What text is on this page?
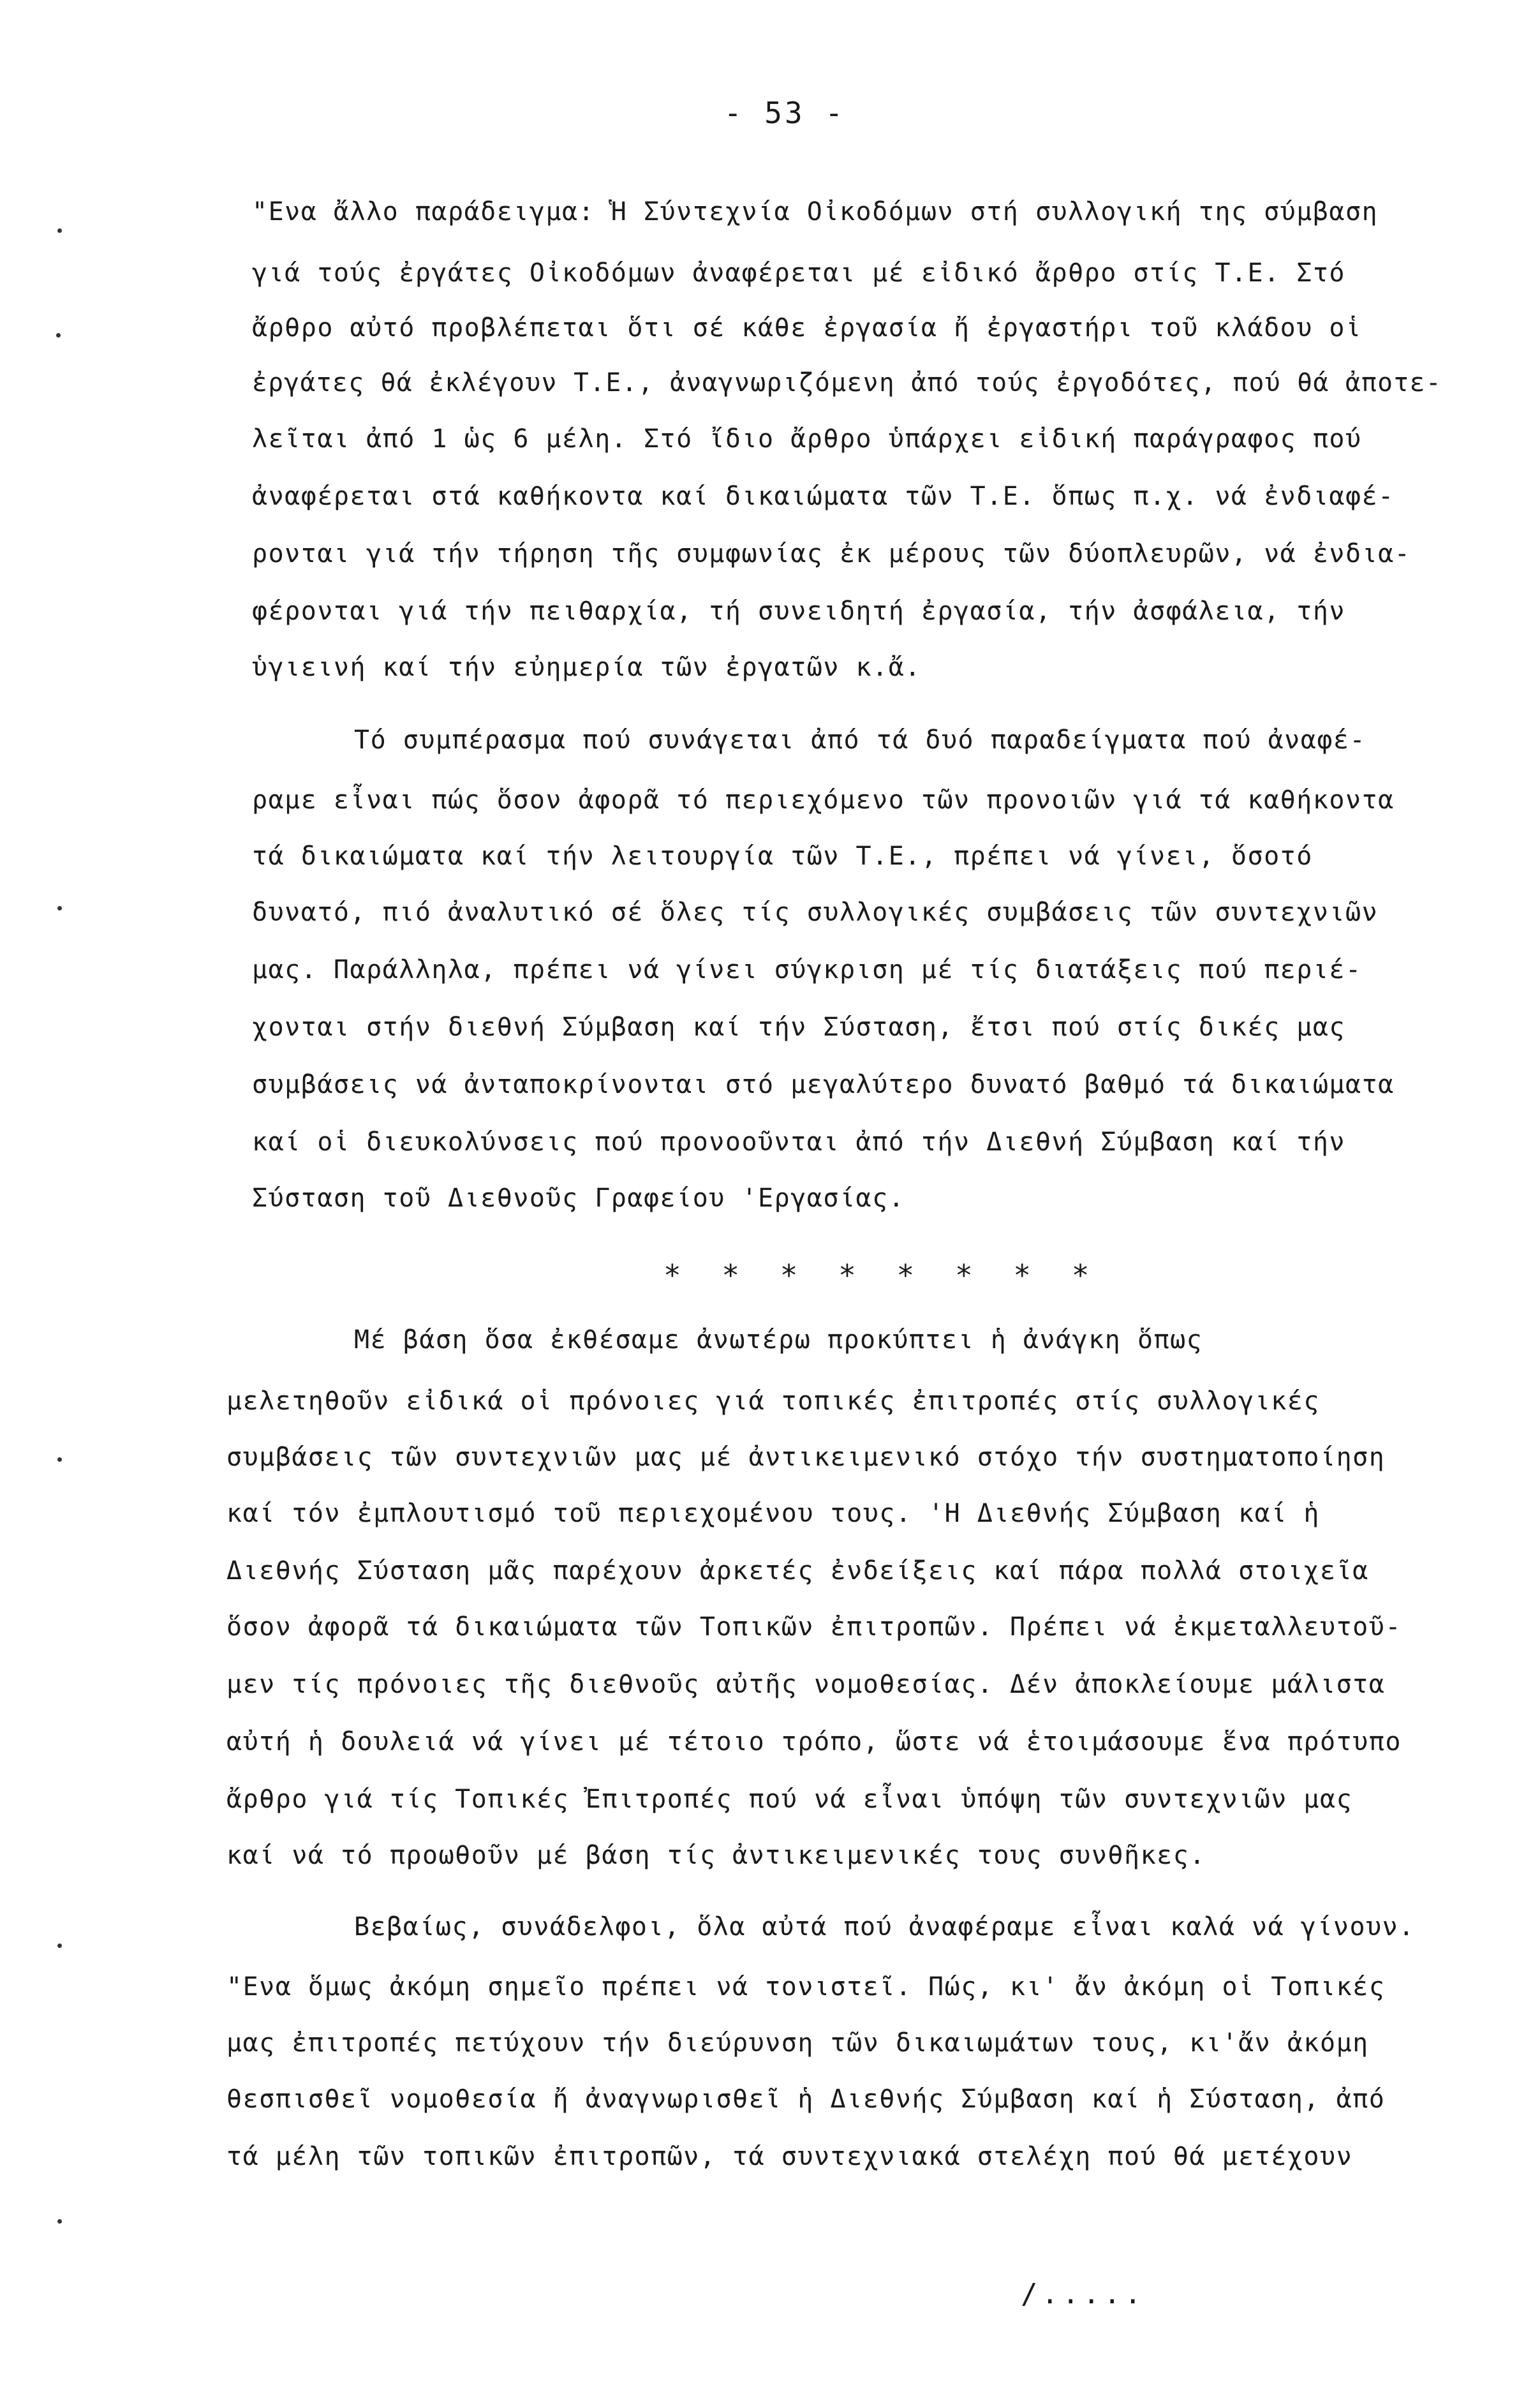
- 53 -
"Ενα ἄλλο παράδειγμα: Ἡ Σύντεχνία Οἰκοδόμων στή συλλογική της σύμβαση
γιά τούς ἐργάτες Οἰκοδόμων ἀναφέρεται μέ εἰδικό ἄρθρο στίς Τ.Ε. Στό
ἄρθρο αὐτό προβλέπεται ὅτι σέ κάθε ἐργασία ἤ ἐργαστήρι τοῦ κλάδου οἱ
ἐργάτες θά ἐκλέγουν Τ.Ε., ἀναγνωριζόμενη ἀπό τούς ἐργοδότες, πού θά ἀποτε-
λεῖται ἀπό 1 ὡς 6 μέλη. Στό ἴδιο ἄρθρο ὑπάρχει εἰδική παράγραφος πού
ἀναφέρεται στά καθήκοντα καί δικαιώματα τῶν Τ.Ε. ὅπως π.χ. νά ἐνδιαφέ-
ρονται γιά τήν τήρηση τῆς συμφωνίας ἐκ μέρους τῶν δύοπλευρῶν, νά ἐνδια-
φέρονται γιά τήν πειθαρχία, τή συνειδητή ἐργασία, τήν ἀσφάλεια, τήν
ὑγιεινή καί τήν εὐημερία τῶν ἐργατῶν κ.ἄ.
Τό συμπέρασμα πού συνάγεται ἀπό τά δυό παραδείγματα πού ἀναφέ-
ραμε εἶναι πώς ὅσον ἀφορᾶ τό περιεχόμενο τῶν προνοιῶν γιά τά καθήκοντα
τά δικαιώματα καί τήν λειτουργία τῶν Τ.Ε., πρέπει νά γίνει, ὅσοτό
δυνατό, πιό ἀναλυτικό σέ ὅλες τίς συλλογικές συμβάσεις τῶν συντεχνιῶν
μας. Παράλληλα, πρέπει νά γίνει σύγκριση μέ τίς διατάξεις πού περιέ-
χονται στήν διεθνή Σύμβαση καί τήν Σύσταση, ἔτσι πού στίς δικές μας
συμβάσεις νά ἀνταποκρίνονται στό μεγαλύτερο δυνατό βαθμό τά δικαιώματα
καί οἱ διευκολύνσεις πού προνοοῦνται ἀπό τήν Διεθνή Σύμβαση καί τήν
Σύσταση τοῦ Διεθνοῦς Γραφείου 'Εργασίας.
* * * * * * * *
Μέ βάση ὅσα ἐκθέσαμε ἀνωτέρω προκύπτει ἡ ἀνάγκη ὅπως
μελετηθοῦν εἰδικά οἱ πρόνοιες γιά τοπικές ἐπιτροπές στίς συλλογικές
συμβάσεις τῶν συντεχνιῶν μας μέ ἀντικειμενικό στόχο τήν συστηματοποίηση
καί τόν ἐμπλουτισμό τοῦ περιεχομένου τους. 'Η Διεθνής Σύμβαση καί ἡ
Διεθνής Σύσταση μᾶς παρέχουν ἀρκετές ἐνδείξεις καί πάρα πολλά στοιχεῖα
ὅσον ἀφορᾶ τά δικαιώματα τῶν Τοπικῶν ἐπιτροπῶν. Πρέπει νά ἐκμεταλλευτοῦ-
μεν τίς πρόνοιες τῆς διεθνοῦς αὐτῆς νομοθεσίας. Δέν ἀποκλείουμε μάλιστα
αὐτή ἡ δουλειά νά γίνει μέ τέτοιο τρόπο, ὥστε νά ἑτοιμάσουμε ἕνα πρότυπο
ἄρθρο γιά τίς Τοπικές Ἐπιτροπές πού νά εἶναι ὑπόψη τῶν συντεχνιῶν μας
καί νά τό προωθοῦν μέ βάση τίς ἀντικειμενικές τους συνθῆκες.
Βεβαίως, συνάδελφοι, ὅλα αὐτά πού ἀναφέραμε εἶναι καλά νά γίνουν.
"Ενα ὅμως ἀκόμη σημεῖο πρέπει νά τονιστεῖ. Πώς, κι' ἄν ἀκόμη οἱ Τοπικές
μας ἐπιτροπές πετύχουν τήν διεύρυνση τῶν δικαιωμάτων τους, κι'ἄν ἀκόμη
θεσπισθεῖ νομοθεσία ἤ ἀναγνωρισθεῖ ἡ Διεθνής Σύμβαση καί ἡ Σύσταση, ἀπό
τά μέλη τῶν τοπικῶν ἐπιτροπῶν, τά συντεχνιακά στελέχη πού θά μετέχουν
/.....
